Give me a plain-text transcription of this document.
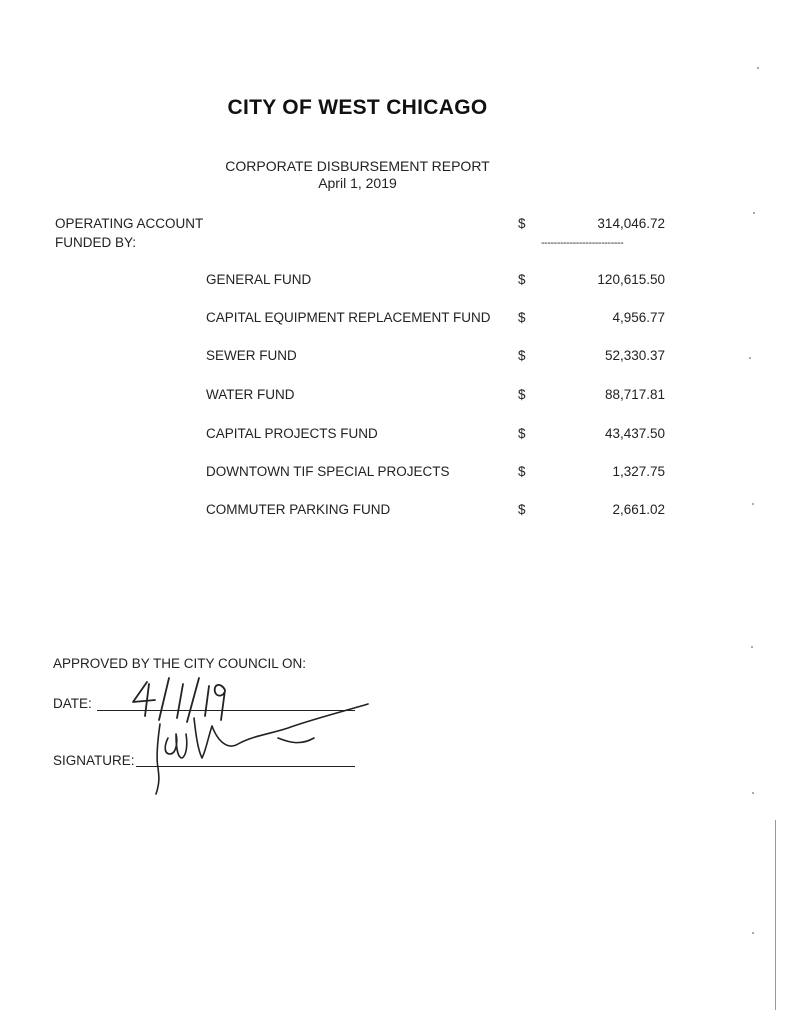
CITY OF WEST CHICAGO
CORPORATE DISBURSEMENT REPORT
April 1, 2019
OPERATING ACCOUNT	$	314,046.72
FUNDED BY:	--------------------------
GENERAL FUND	$	120,615.50
CAPITAL EQUIPMENT REPLACEMENT FUND $	4,956.77
SEWER FUND	$	52,330.37
WATER FUND	$	88,717.81
CAPITAL PROJECTS FUND	$	43,437.50
DOWNTOWN TIF SPECIAL PROJECTS	$	1,327.75
COMMUTER PARKING FUND	$	2,661.02
APPROVED BY THE CITY COUNCIL ON:
DATE:
SIGNATURE:
